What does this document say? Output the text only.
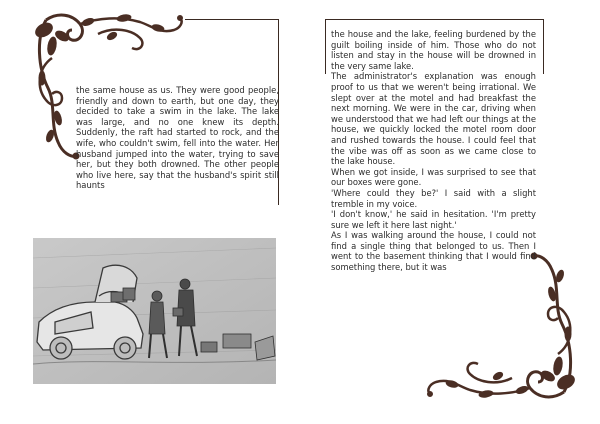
the same house as us. They were good people, friendly and down to earth, but one day, they decided to take a swim in the lake. The lake was large, and no one knew its depth. Suddenly, the raft had started to rock, and the wife, who couldn't swim, fell into the water. Her husband jumped into the water, trying to save her, but they both drowned. The other people who live here, say that the husband's spirit still haunts

the house and the lake, feeling burdened by the guilt boiling inside of him. Those who do not listen and stay in the house will be drowned in the very same lake.

The administrator's explanation was enough proof to us that we weren't being irrational. We slept over at the motel and had breakfast the next morning. We were in the car, driving when we understood that we had left our things at the house, we quickly locked the motel room door and rushed towards the house. I could feel that the vibe was off as soon as we came close to the lake house.

When we got inside, I was surprised to see that our boxes were gone.

'Where could they be?' I said with a slight tremble in my voice.

'I don't know,' he said in hesitation. 'I'm pretty sure we left it here last night.'

As I was walking around the house, I could not find a single thing that belonged to us. Then I went to the basement thinking that I would find something there, but it was
